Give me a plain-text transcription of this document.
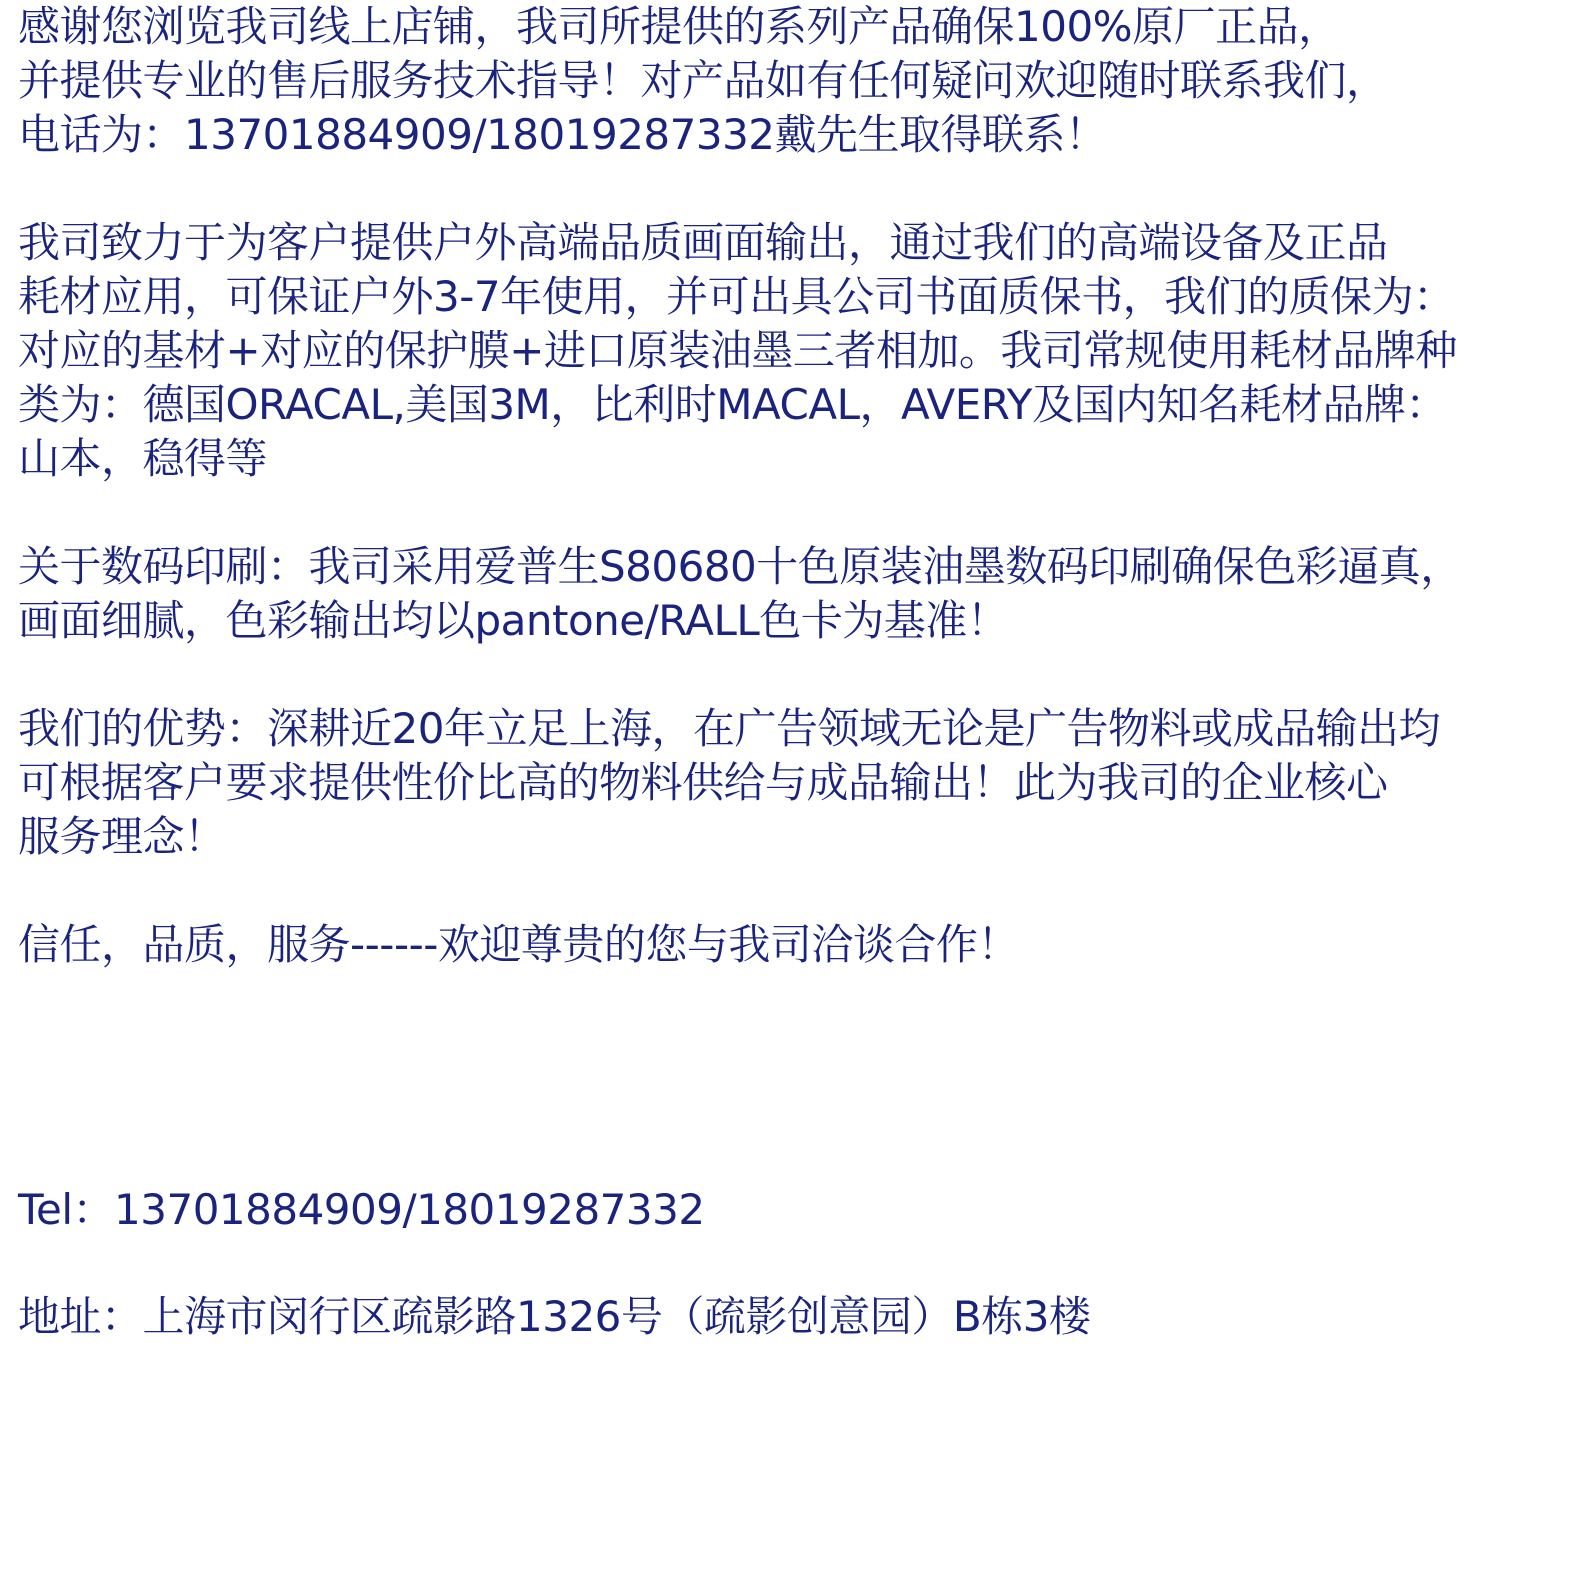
感谢您浏览我司线上店铺，我司所提供的系列产品确保100%原厂正品，
并提供专业的售后服务技术指导！对产品如有任何疑问欢迎随时联系我们，
电话为：13701884909/18019287332戴先生取得联系！
我司致力于为客户提供户外高端品质画面输出，通过我们的高端设备及正品
耗材应用，可保证户外3-7年使用，并可出具公司书面质保书，我们的质保为：
对应的基材+对应的保护膜+进口原装油墨三者相加。我司常规使用耗材品牌种
类为：德国ORACAL,美国3M，比利时MACAL，AVERY及国内知名耗材品牌：
山本，稳得等
关于数码印刷：我司采用爱普生S80680十色原装油墨数码印刷确保色彩逼真，
画面细腻，色彩输出均以pantone/RALL色卡为基准！
我们的优势：深耕近20年立足上海，在广告领域无论是广告物料或成品输出均
可根据客户要求提供性价比高的物料供给与成品输出！此为我司的企业核心
服务理念！
信任，品质，服务------欢迎尊贵的您与我司洽谈合作！
Tel：13701884909/18019287332
地址：上海市闵行区疏影路1326号（疏影创意园）B栋3楼
